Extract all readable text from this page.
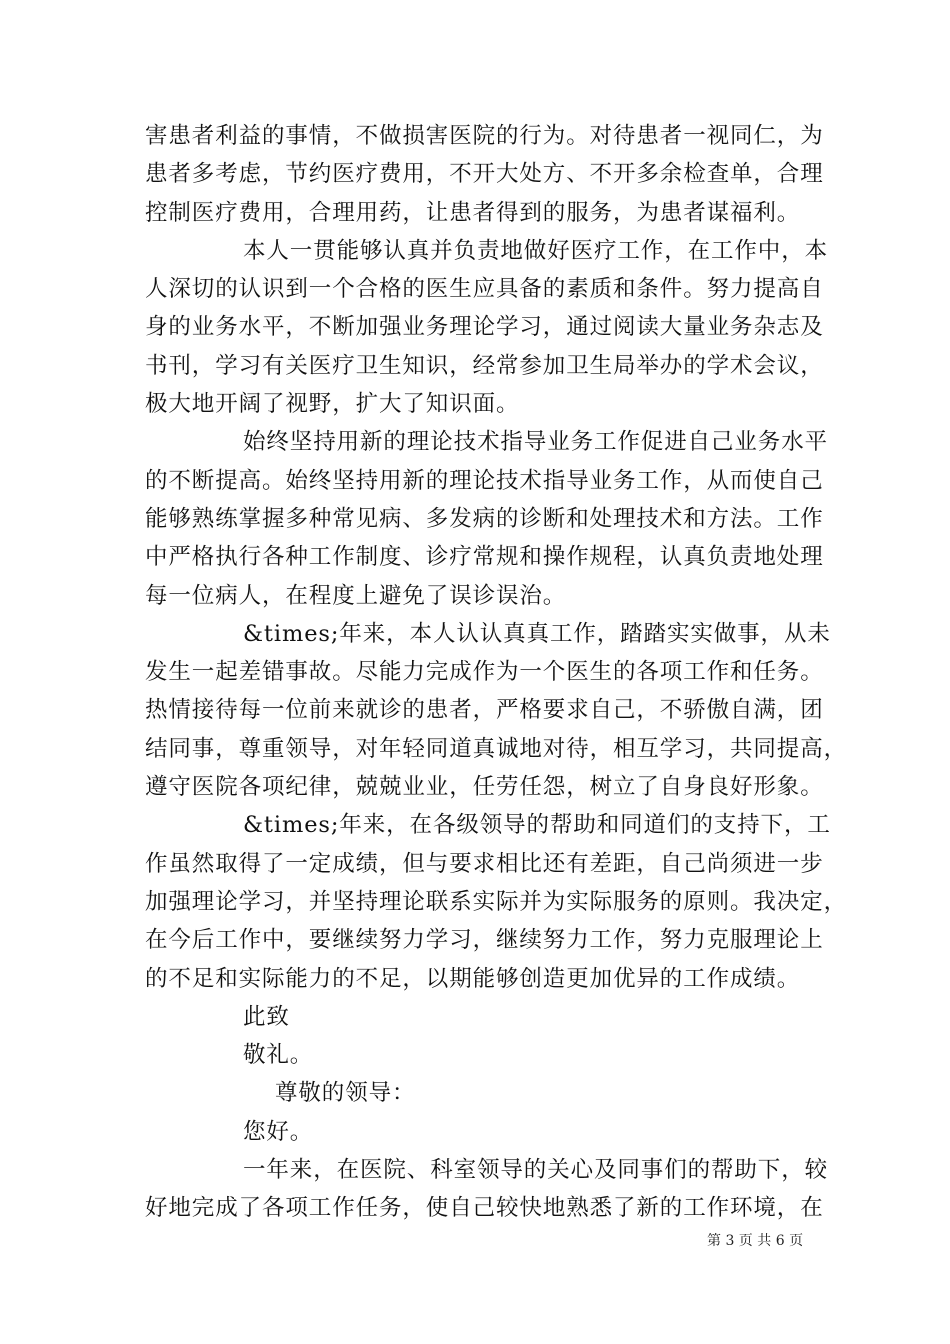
害患者利益的事情，不做损害医院的行为。对待患者一视同仁，为
患者多考虑，节约医疗费用，不开大处方、不开多余检查单，合理
控制医疗费用，合理用药，让患者得到的服务，为患者谋福利。
本人一贯能够认真并负责地做好医疗工作，在工作中，本
人深切的认识到一个合格的医生应具备的素质和条件。努力提高自
身的业务水平，不断加强业务理论学习，通过阅读大量业务杂志及
书刊，学习有关医疗卫生知识，经常参加卫生局举办的学术会议，
极大地开阔了视野，扩大了知识面。
始终坚持用新的理论技术指导业务工作促进自己业务水平
的不断提高。始终坚持用新的理论技术指导业务工作，从而使自己
能够熟练掌握多种常见病、多发病的诊断和处理技术和方法。工作
中严格执行各种工作制度、诊疗常规和操作规程，认真负责地处理
每一位病人，在程度上避免了误诊误治。
&times;年来，本人认认真真工作，踏踏实实做事，从未
发生一起差错事故。尽能力完成作为一个医生的各项工作和任务。
热情接待每一位前来就诊的患者，严格要求自己，不骄傲自满，团
结同事，尊重领导，对年轻同道真诚地对待，相互学习，共同提高，
遵守医院各项纪律，兢兢业业，任劳任怨，树立了自身良好形象。
&times;年来，在各级领导的帮助和同道们的支持下，工
作虽然取得了一定成绩，但与要求相比还有差距，自己尚须进一步
加强理论学习，并坚持理论联系实际并为实际服务的原则。我决定，
在今后工作中，要继续努力学习，继续努力工作，努力克服理论上
的不足和实际能力的不足，以期能够创造更加优异的工作成绩。
此致
敬礼。
尊敬的领导：
您好。
一年来，在医院、科室领导的关心及同事们的帮助下，较
好地完成了各项工作任务，使自己较快地熟悉了新的工作环境，在
第 3 页 共 6 页
